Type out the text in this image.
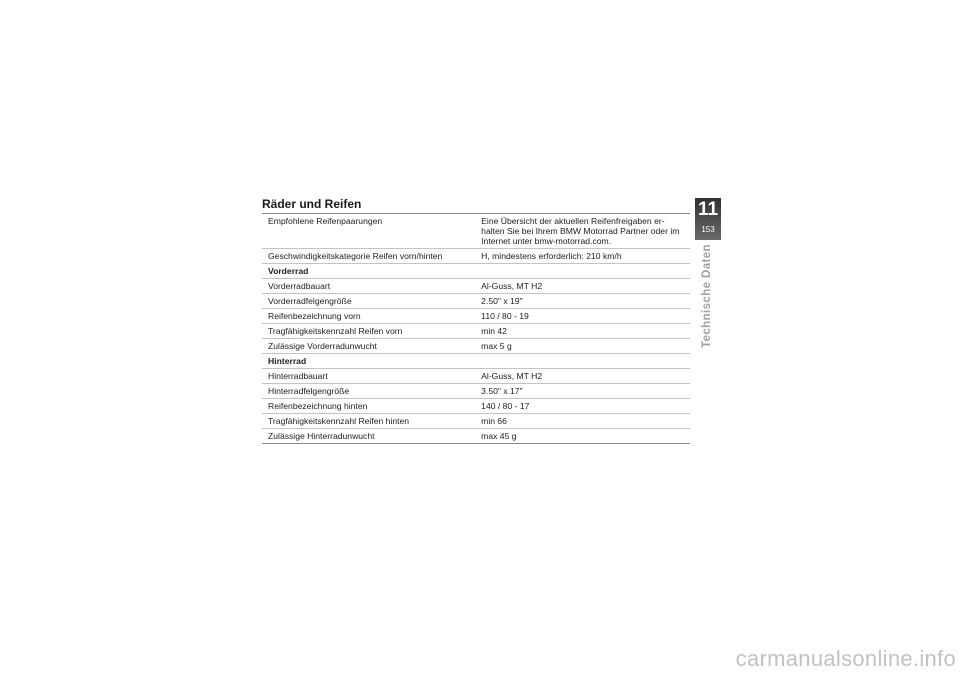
Räder und Reifen
Empfohlene Reifenpaarungen	Eine Übersicht der aktuellen Reifenfreigaben er-halten Sie bei Ihrem BMW Motorrad Partner oder im Internet unter bmw-motorrad.com.
Geschwindigkeitskategorie Reifen vorn/hinten	H, mindestens erforderlich: 210 km/h
Vorderrad	
Vorderradbauart	Al-Guss, MT H2
Vorderradfelgengröße	2.50" x 19"
Reifenbezeichnung vorn	110 / 80 - 19
Tragfähigkeitskennzahl Reifen vorn	min 42
Zulässige Vorderradunwucht	max 5 g
Hinterrad	
Hinterradbauart	Al-Guss, MT H2
Hinterradfelgengröße	3.50" x 17"
Reifenbezeichnung hinten	140 / 80 - 17
Tragfähigkeitskennzahl Reifen hinten	min 66
Zulässige Hinterradunwucht	max 45 g
11
153
Technische Daten
carmanualsonline.info
